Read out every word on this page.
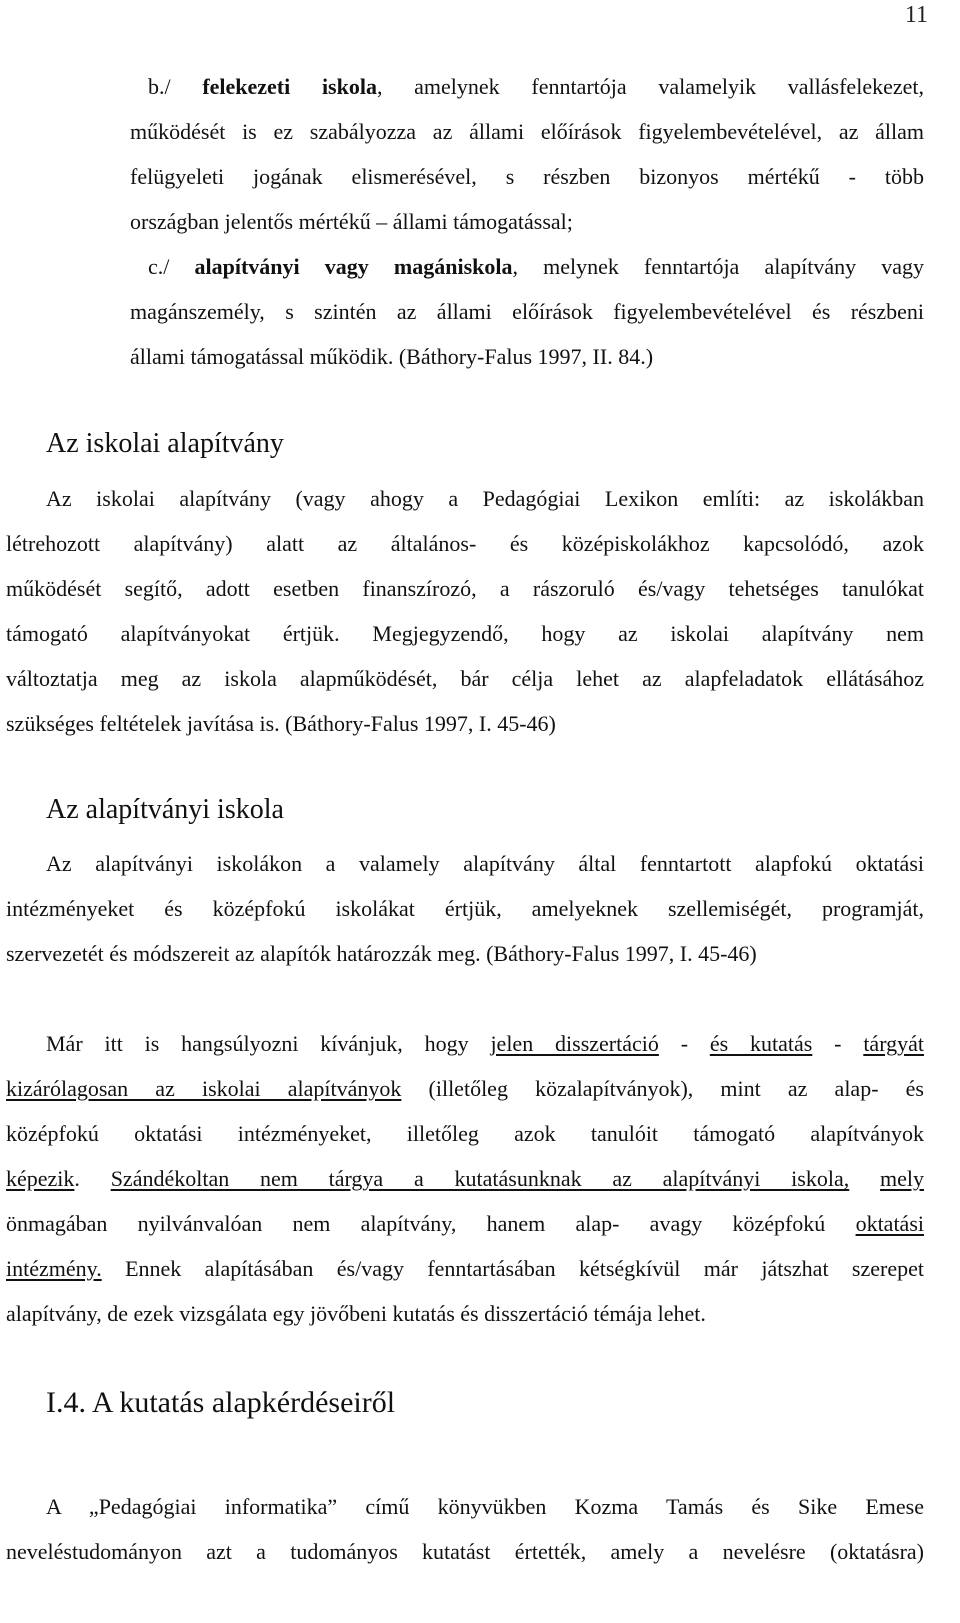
11
b./ felekezeti iskola, amelynek fenntartója valamelyik vallásfelekezet,
működését is ez szabályozza az állami előírások figyelembevételével, az állam
felügyeleti jogának elismerésével, s részben bizonyos mértékű - több
országban jelentős mértékű – állami támogatással;
c./ alapítványi vagy magániskola, melynek fenntartója alapítvány vagy
magánszemély, s szintén az állami előírások figyelembevételével és részbeni
állami támogatással működik. (Báthory-Falus 1997, II. 84.)
Az iskolai alapítvány
Az iskolai alapítvány (vagy ahogy a Pedagógiai Lexikon említi: az iskolákban
létrehozott alapítvány) alatt az általános- és középiskolákhoz kapcsolódó, azok
működését segítő, adott esetben finanszírozó, a rászoruló és/vagy tehetséges tanulókat
támogató alapítványokat értjük. Megjegyzendő, hogy az iskolai alapítvány nem
változtatja meg az iskola alapműködését, bár célja lehet az alapfeladatok ellátásához
szükséges feltételek javítása is. (Báthory-Falus 1997, I. 45-46)
Az alapítványi iskola
Az alapítványi iskolákon a valamely alapítvány által fenntartott alapfokú oktatási
intézményeket és középfokú iskolákat értjük, amelyeknek szellemiségét, programját,
szervezetét és módszereit az alapítók határozzák meg. (Báthory-Falus 1997, I. 45-46)
Már itt is hangsúlyozni kívánjuk, hogy jelen disszertáció - és kutatás - tárgyát
kizárólagosan az iskolai alapítványok (illetőleg közalapítványok), mint az alap- és
középfokú oktatási intézményeket, illetőleg azok tanulóit támogató alapítványok
képezik. Szándékoltan nem tárgya a kutatásunknak az alapítványi iskola, mely
önmagában nyilvánvalóan nem alapítvány, hanem alap- avagy középfokú oktatási
intézmény. Ennek alapításában és/vagy fenntartásában kétségkívül már játszhat szerepet
alapítvány, de ezek vizsgálata egy jövőbeni kutatás és disszertáció témája lehet.
I.4. A kutatás alapkérdéseiről
A „Pedagógiai informatika” című könyvükben Kozma Tamás és Sike Emese
neveléstudományon azt a tudományos kutatást értették, amely a nevelésre (oktatásra)
